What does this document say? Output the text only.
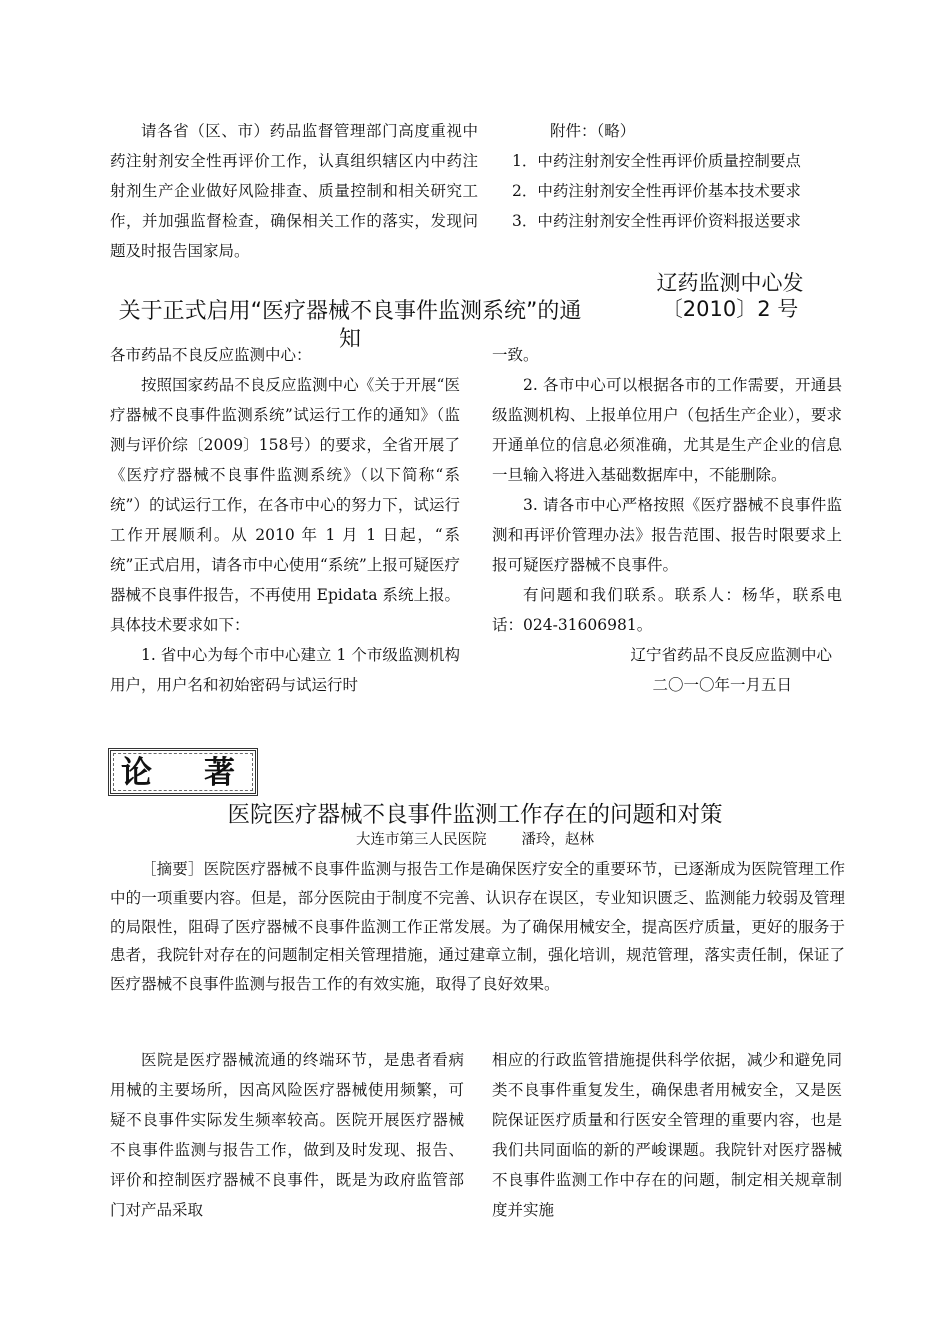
请各省（区、市）药品监督管理部门高度重视中药注射剂安全性再评价工作，认真组织辖区内中药注射剂生产企业做好风险排查、质量控制和相关研究工作，并加强监督检查，确保相关工作的落实，发现问题及时报告国家局。

附件：（略）
1．中药注射剂安全性再评价质量控制要点
2．中药注射剂安全性再评价基本技术要求
3．中药注射剂安全性再评价资料报送要求
关于正式启用“医疗器械不良事件监测系统”的通知
辽药监测中心发
〔2010〕2 号

各市药品不良反应监测中心：

按照国家药品不良反应监测中心《关于开展“医疗器械不良事件监测系统”试运行工作的通知》（监测与评价综〔2009〕158号）的要求，全省开展了《医疗疗器械不良事件监测系统》（以下简称“系统”）的试运行工作，在各市中心的努力下，试运行工作开展顺利。从 2010 年 1 月 1 日起，“系统”正式启用，请各市中心使用“系统”上报可疑医疗器械不良事件报告，不再使用 Epidata 系统上报。具体技术要求如下：

1. 省中心为每个市中心建立 1 个市级监测机构用户，用户名和初始密码与试运行时

一致。

2. 各市中心可以根据各市的工作需要，开通县级监测机构、上报单位用户（包括生产企业），要求开通单位的信息必须准确，尤其是生产企业的信息一旦输入将进入基础数据库中，不能删除。

3. 请各市中心严格按照《医疗器械不良事件监测和再评价管理办法》报告范围、报告时限要求上报可疑医疗器械不良事件。

有问题和我们联系。联系人：杨华，联系电话：024-31606981。

辽宁省药品不良反应监测中心

二〇一〇年一月五日

论著
医院医疗器械不良事件监测工作存在的问题和对策
大连市第三人民医院    潘玲，赵林

［摘要］医院医疗器械不良事件监测与报告工作是确保医疗安全的重要环节，已逐渐成为医院管理工作中的一项重要内容。但是，部分医院由于制度不完善、认识存在误区，专业知识匮乏、监测能力较弱及管理的局限性，阻碍了医疗器械不良事件监测工作正常发展。为了确保用械安全，提高医疗质量，更好的服务于患者，我院针对存在的问题制定相关管理措施，通过建章立制，强化培训，规范管理，落实责任制，保证了医疗器械不良事件监测与报告工作的有效实施，取得了良好效果。

医院是医疗器械流通的终端环节，是患者看病用械的主要场所，因高风险医疗器械使用频繁，可疑不良事件实际发生频率较高。医院开展医疗器械不良事件监测与报告工作，做到及时发现、报告、评价和控制医疗器械不良事件，既是为政府监管部门对产品采取

相应的行政监管措施提供科学依据，减少和避免同类不良事件重复发生，确保患者用械安全，又是医院保证医疗质量和行医安全管理的重要内容，也是我们共同面临的新的严峻课题。我院针对医疗器械不良事件监测工作中存在的问题，制定相关规章制度并实施
